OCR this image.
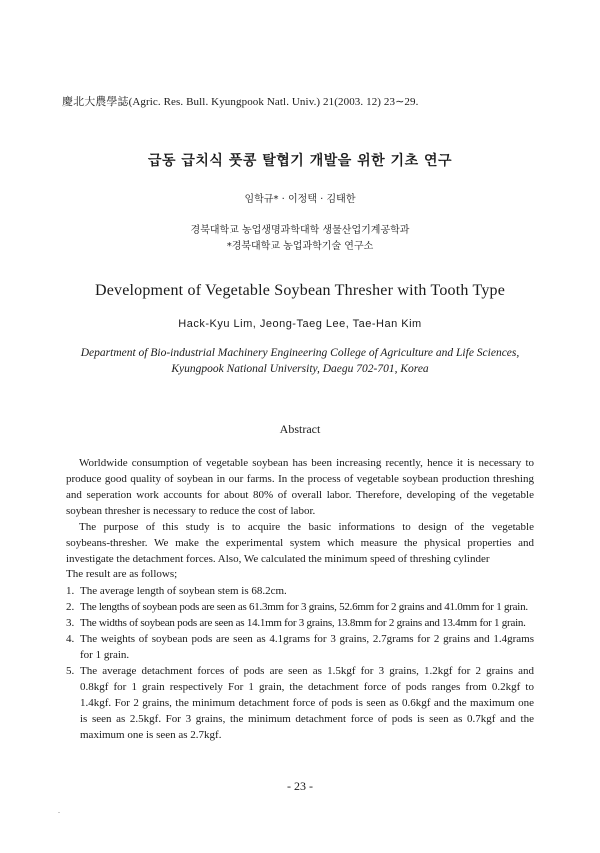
慶北大農學誌(Agric. Res. Bull. Kyungpook Natl. Univ.) 21(2003. 12) 23∼29.
급동 급치식 풋콩 탈협기 개발을 위한 기초 연구
임학규* · 이정택 · 김태한
경북대학교 농업생명과학대학 생물산업기계공학과
*경북대학교 농업과학기술 연구소
Development of Vegetable Soybean Thresher with Tooth Type
Hack-Kyu Lim, Jeong-Taeg Lee, Tae-Han Kim
Department of Bio-industrial Machinery Engineering College of Agriculture and Life Sciences,
Kyungpook National University, Daegu 702-701, Korea
Abstract
Worldwide consumption of vegetable soybean has been increasing recently, hence it is necessary to
produce good quality of soybean in our farms. In the process of vegetable soybean production threshing
and seperation work accounts for about 80% of overall labor. Therefore, developing of the vegetable
soybean thresher is necessary to reduce the cost of labor.
The purpose of this study is to acquire the basic informations to design of the vegetable
soybeans-thresher. We make the experimental system which measure the physical properties and
investigate the detachment forces. Also, We calculated the minimum speed of threshing cylinder
The result are as follows;
1. The average length of soybean stem is 68.2cm.
2. The lengths of soybean pods are seen as 61.3mm for 3 grains, 52.6mm for 2 grains and 41.0mm for 1 grain.
3. The widths of soybean pods are seen as 14.1mm for 3 grains, 13.8mm for 2 grains and 13.4mm for 1 grain.
4. The weights of soybean pods are seen as 4.1grams for 3 grains, 2.7grams for 2 grains and 1.4grams
for 1 grain.
5. The average detachment forces of pods are seen as 1.5kgf for 3 grains, 1.2kgf for 2 grains and
0.8kgf for 1 grain respectively For 1 grain, the detachment force of pods ranges from 0.2kgf to
1.4kgf. For 2 grains, the minimum detachment force of pods is seen as 0.6kgf and the maximum one
is seen as 2.5kgf. For 3 grains, the minimum detachment force of pods is seen as 0.7kgf and the
maximum one is seen as 2.7kgf.
- 23 -
.
